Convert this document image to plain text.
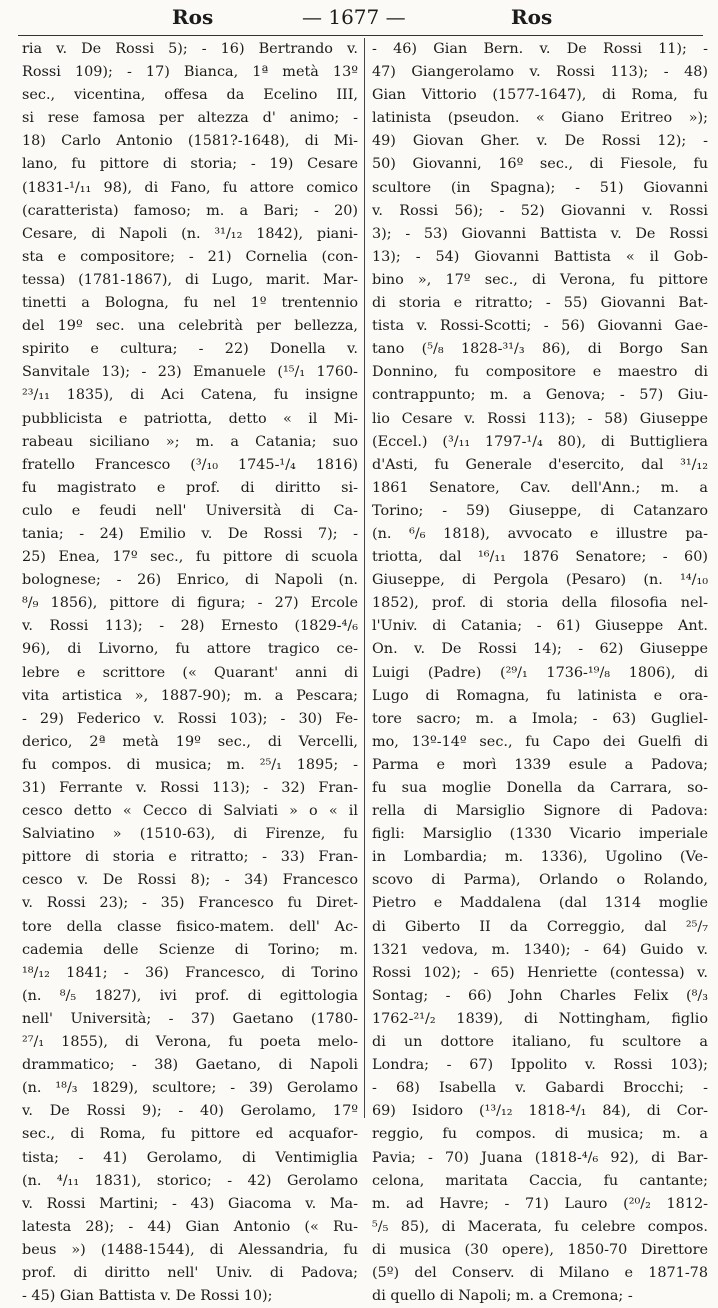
Ros	— 1677 —	Ros
ria v. De Rossi 5); - 16) Bertrando v.
Rossi 109); - 17) Bianca, 1ª metà 13º
sec., vicentina, offesa da Ecelino III,
si rese famosa per altezza d' animo; -
18) Carlo Antonio (1581?-1648), di Mi-
lano, fu pittore di storia; - 19) Cesare
(1831-¹/₁₁ 98), di Fano, fu attore comico
(caratterista) famoso; m. a Bari; - 20)
Cesare, di Napoli (n. ³¹/₁₂ 1842), piani-
sta e compositore; - 21) Cornelia (con-
tessa) (1781-1867), di Lugo, marit. Mar-
tinetti a Bologna, fu nel 1º trentennio
del 19º sec. una celebrità per bellezza,
spirito e cultura; - 22) Donella v.
Sanvitale 13); - 23) Emanuele (¹⁵/₁ 1760-
²³/₁₁ 1835), di Aci Catena, fu insigne
pubblicista e patriotta, detto « il Mi-
rabeau siciliano »; m. a Catania; suo
fratello Francesco (³/₁₀ 1745-¹/₄ 1816)
fu magistrato e prof. di diritto si-
culo e feudi nell' Università di Ca-
tania; - 24) Emilio v. De Rossi 7); -
25) Enea, 17º sec., fu pittore di scuola
bolognese; - 26) Enrico, di Napoli (n.
⁸/₉ 1856), pittore di figura; - 27) Ercole
v. Rossi 113); - 28) Ernesto (1829-⁴/₆
96), di Livorno, fu attore tragico ce-
lebre e scrittore (« Quarant' anni di
vita artistica », 1887-90); m. a Pescara;
- 29) Federico v. Rossi 103); - 30) Fe-
derico, 2ª metà 19º sec., di Vercelli,
fu compos. di musica; m. ²⁵/₁ 1895; -
31) Ferrante v. Rossi 113); - 32) Fran-
cesco detto « Cecco di Salviati » o « il
Salviatino » (1510-63), di Firenze, fu
pittore di storia e ritratto; - 33) Fran-
cesco v. De Rossi 8); - 34) Francesco
v. Rossi 23); - 35) Francesco fu Diret-
tore della classe fisico-matem. dell' Ac-
cademia delle Scienze di Torino; m.
¹⁸/₁₂ 1841; - 36) Francesco, di Torino
(n. ⁸/₅ 1827), ivi prof. di egittologia
nell' Università; - 37) Gaetano (1780-
²⁷/₁ 1855), di Verona, fu poeta melo-
drammatico; - 38) Gaetano, di Napoli
(n. ¹⁸/₃ 1829), scultore; - 39) Gerolamo
v. De Rossi 9); - 40) Gerolamo, 17º
sec., di Roma, fu pittore ed acquafor-
tista; - 41) Gerolamo, di Ventimiglia
(n. ⁴/₁₁ 1831), storico; - 42) Gerolamo
v. Rossi Martini; - 43) Giacoma v. Ma-
latesta 28); - 44) Gian Antonio (« Ru-
beus ») (1488-1544), di Alessandria, fu
prof. di diritto nell' Univ. di Padova;
- 45) Gian Battista v. De Rossi 10);
- 46) Gian Bern. v. De Rossi 11); -
47) Giangerolamo v. Rossi 113); - 48)
Gian Vittorio (1577-1647), di Roma, fu
latinista (pseudon. « Giano Eritreo »);
49) Giovan Gher. v. De Rossi 12); -
50) Giovanni, 16º sec., di Fiesole, fu
scultore (in Spagna); - 51) Giovanni
v. Rossi 56); - 52) Giovanni v. Rossi
3); - 53) Giovanni Battista v. De Rossi
13); - 54) Giovanni Battista « il Gob-
bino », 17º sec., di Verona, fu pittore
di storia e ritratto; - 55) Giovanni Bat-
tista v. Rossi-Scotti; - 56) Giovanni Gae-
tano (⁵/₈ 1828-³¹/₃ 86), di Borgo San
Donnino, fu compositore e maestro di
contrappunto; m. a Genova; - 57) Giu-
lio Cesare v. Rossi 113); - 58) Giuseppe
(Eccel.) (³/₁₁ 1797-¹/₄ 80), di Buttigliera
d'Asti, fu Generale d'esercito, dal ³¹/₁₂
1861 Senatore, Cav. dell'Ann.; m. a
Torino; - 59) Giuseppe, di Catanzaro
(n. ⁶/₆ 1818), avvocato e illustre pa-
triotta, dal ¹⁶/₁₁ 1876 Senatore; - 60)
Giuseppe, di Pergola (Pesaro) (n. ¹⁴/₁₀
1852), prof. di storia della filosofia nel-
l'Univ. di Catania; - 61) Giuseppe Ant.
On. v. De Rossi 14); - 62) Giuseppe
Luigi (Padre) (²⁹/₁ 1736-¹⁹/₈ 1806), di
Lugo di Romagna, fu latinista e ora-
tore sacro; m. a Imola; - 63) Gugliel-
mo, 13º-14º sec., fu Capo dei Guelfi di
Parma e morì 1339 esule a Padova;
fu sua moglie Donella da Carrara, so-
rella di Marsiglio Signore di Padova:
figli: Marsiglio (1330 Vicario imperiale
in Lombardia; m. 1336), Ugolino (Ve-
scovo di Parma), Orlando o Rolando,
Pietro e Maddalena (dal 1314 moglie
di Giberto II da Correggio, dal ²⁵/₇
1321 vedova, m. 1340); - 64) Guido v.
Rossi 102); - 65) Henriette (contessa) v.
Sontag; - 66) John Charles Felix (⁸/₃
1762-²¹/₂ 1839), di Nottingham, figlio
di un dottore italiano, fu scultore a
Londra; - 67) Ippolito v. Rossi 103);
- 68) Isabella v. Gabardi Brocchi; -
69) Isidoro (¹³/₁₂ 1818-⁴/₁ 84), di Cor-
reggio, fu compos. di musica; m. a
Pavia; - 70) Juana (1818-⁴/₆ 92), di Bar-
celona, maritata Caccia, fu cantante;
m. ad Havre; - 71) Lauro (²⁰/₂ 1812-
⁵/₅ 85), di Macerata, fu celebre compos.
di musica (30 opere), 1850-70 Direttore
(5º) del Conserv. di Milano e 1871-78
di quello di Napoli; m. a Cremona; -
